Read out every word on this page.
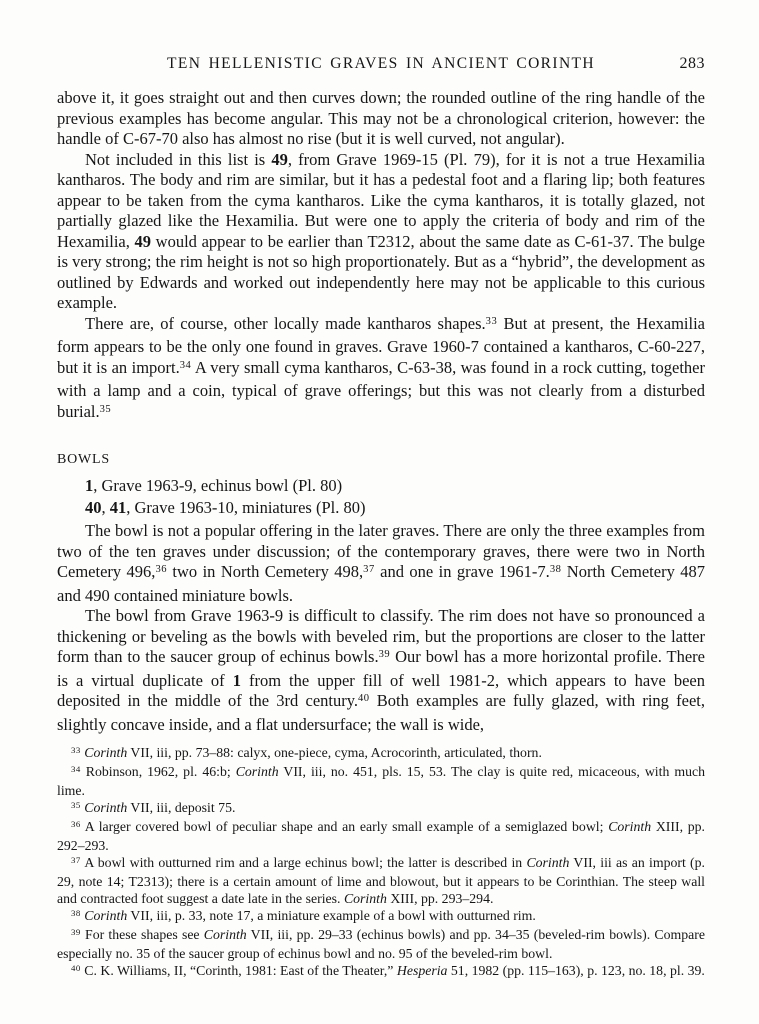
TEN HELLENISTIC GRAVES IN ANCIENT CORINTH	283

above it, it goes straight out and then curves down; the rounded outline of the ring handle of the previous examples has become angular. This may not be a chronological criterion, however: the handle of C-67-70 also has almost no rise (but it is well curved, not angular).

Not included in this list is 49, from Grave 1969-15 (Pl. 79), for it is not a true Hexamilia kantharos. The body and rim are similar, but it has a pedestal foot and a flaring lip; both features appear to be taken from the cyma kantharos. Like the cyma kantharos, it is totally glazed, not partially glazed like the Hexamilia. But were one to apply the criteria of body and rim of the Hexamilia, 49 would appear to be earlier than T2312, about the same date as C-61-37. The bulge is very strong; the rim height is not so high proportionately. But as a “hybrid”, the development as outlined by Edwards and worked out independently here may not be applicable to this curious example.

There are, of course, other locally made kantharos shapes.$^{33}$ But at present, the Hexamilia form appears to be the only one found in graves. Grave 1960-7 contained a kantharos, C-60-227, but it is an import.$^{34}$ A very small cyma kantharos, C-63-38, was found in a rock cutting, together with a lamp and a coin, typical of grave offerings; but this was not clearly from a disturbed burial.$^{35}$

BOWLS

1, Grave 1963-9, echinus bowl (Pl. 80)

40, 41, Grave 1963-10, miniatures (Pl. 80)

The bowl is not a popular offering in the later graves. There are only the three examples from two of the ten graves under discussion; of the contemporary graves, there were two in North Cemetery 496,36 two in North Cemetery 498,37 and one in grave 1961-7.38 North Cemetery 487 and 490 contained miniature bowls.

The bowl from Grave 1963-9 is difficult to classify. The rim does not have so pronounced a thickening or beveling as the bowls with beveled rim, but the proportions are closer to the latter form than to the saucer group of echinus bowls.$^{39}$ Our bowl has a more horizontal profile. There is a virtual duplicate of 1 from the upper fill of well 1981-2, which appears to have been deposited in the middle of the 3rd century.$^{40}$ Both examples are fully glazed, with ring feet, slightly concave inside, and a flat undersurface; the wall is wide,

$^{33}$ Corinth VII, iii, pp. 73–88: calyx, one-piece, cyma, Acrocorinth, articulated, thorn.

$^{34}$ Robinson, 1962, pl. 46:b; Corinth VII, iii, no. 451, pls. 15, 53. The clay is quite red, micaceous, with much lime.

$^{35}$ Corinth VII, iii, deposit 75.

$^{36}$ A larger covered bowl of peculiar shape and an early small example of a semiglazed bowl; Corinth XIII, pp. 292–293.

$^{37}$ A bowl with outturned rim and a large echinus bowl; the latter is described in Corinth VII, iii as an import (p. 29, note 14; T2313); there is a certain amount of lime and blowout, but it appears to be Corinthian. The steep wall and contracted foot suggest a date late in the series. Corinth XIII, pp. 293–294.

$^{38}$ Corinth VII, iii, p. 33, note 17, a miniature example of a bowl with outturned rim.

$^{39}$ For these shapes see Corinth VII, iii, pp. 29–33 (echinus bowls) and pp. 34–35 (beveled-rim bowls). Compare especially no. 35 of the saucer group of echinus bowl and no. 95 of the beveled-rim bowl.

$^{40}$ C. K. Williams, II, “Corinth, 1981: East of the Theater,” Hesperia 51, 1982 (pp. 115–163), p. 123, no. 18, pl. 39.
